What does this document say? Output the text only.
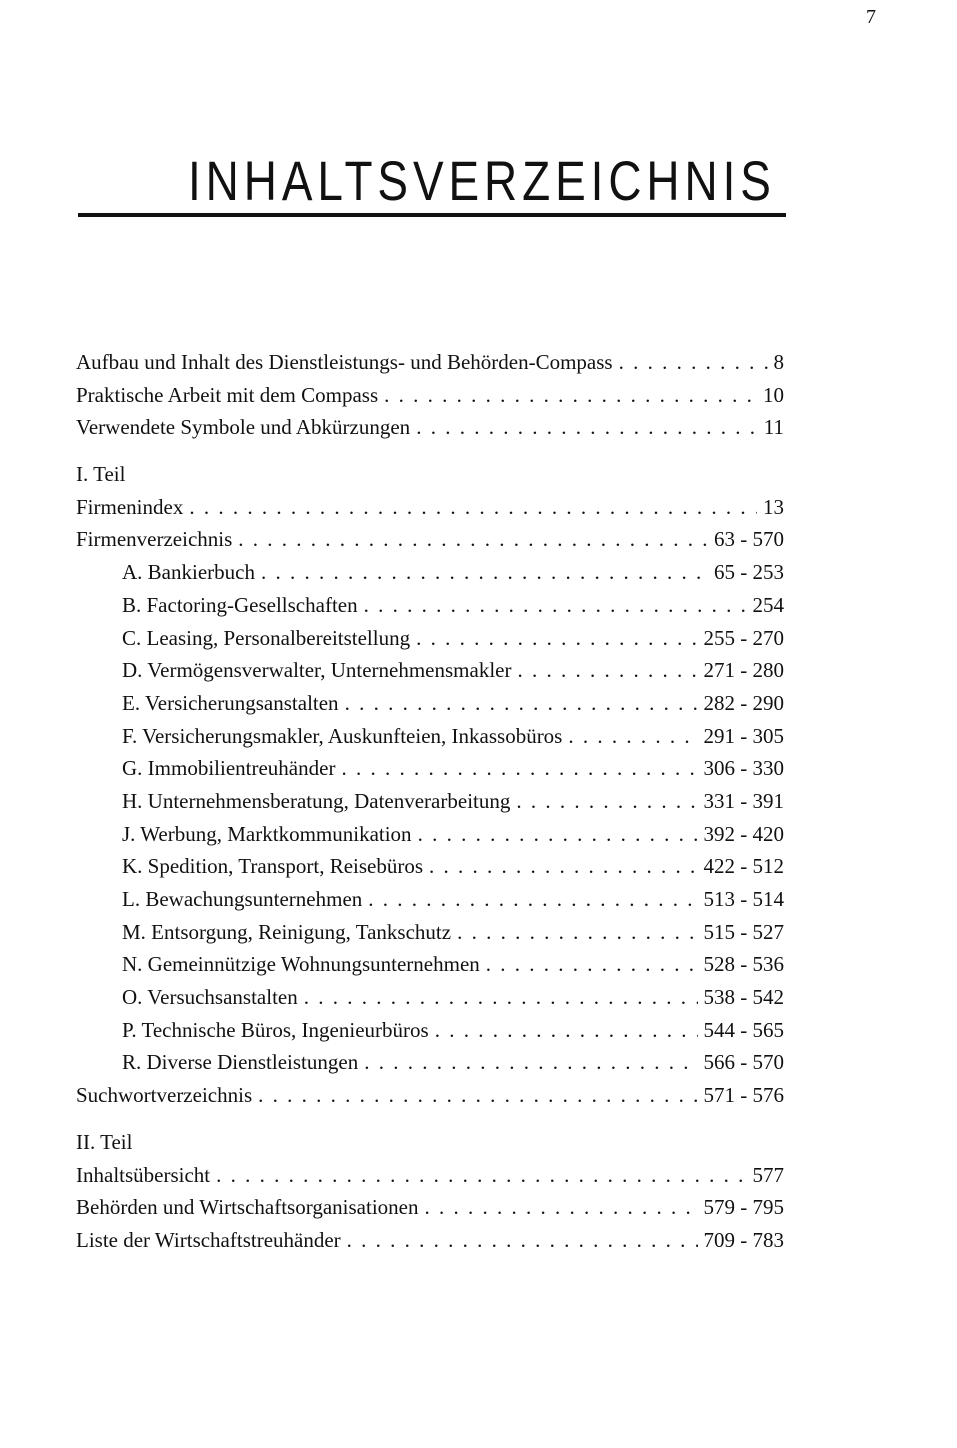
7
INHALTSVERZEICHNIS
Aufbau und Inhalt des Dienstleistungs- und Behörden-Compass . . .	8
Praktische Arbeit mit dem Compass . . .	10
Verwendete Symbole und Abkürzungen . . .	11
I. Teil
Firmenindex . . .	13
Firmenverzeichnis . . .	63 - 570
A. Bankierbuch . . .	65 - 253
B. Factoring-Gesellschaften . . .	254
C. Leasing, Personalbereitstellung . . .	255 - 270
D. Vermögensverwalter, Unternehmensmakler . . .	271 - 280
E. Versicherungsanstalten . . .	282 - 290
F. Versicherungsmakler, Auskunfteien, Inkassobüros . . .	291 - 305
G. Immobilientreuhänder . . .	306 - 330
H. Unternehmensberatung, Datenverarbeitung . . .	331 - 391
J. Werbung, Marktkommunikation . . .	392 - 420
K. Spedition, Transport, Reisebüros . . .	422 - 512
L. Bewachungsunternehmen . . .	513 - 514
M. Entsorgung, Reinigung, Tankschutz . . .	515 - 527
N. Gemeinnützige Wohnungsunternehmen . . .	528 - 536
O. Versuchsanstalten . . .	538 - 542
P. Technische Büros, Ingenieurbüros . . .	544 - 565
R. Diverse Dienstleistungen . . .	566 - 570
Suchwortverzeichnis . . .	571 - 576
II. Teil
Inhaltsübersicht . . .	577
Behörden und Wirtschaftsorganisationen . . .	579 - 795
Liste der Wirtschaftstreuhänder . . .	709 - 783
